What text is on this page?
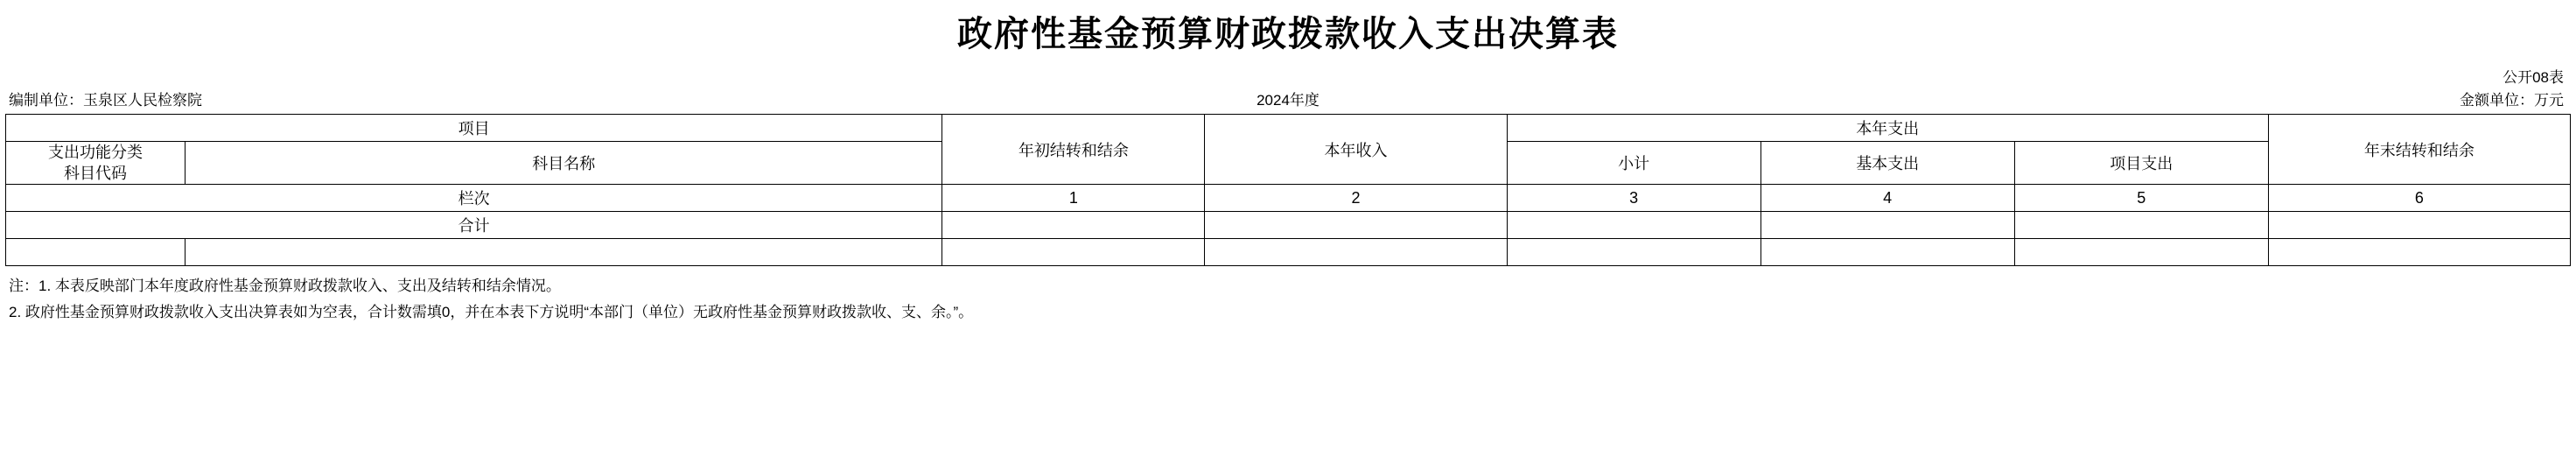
政府性基金预算财政拨款收入支出决算表
公开08表
编制单位：玉泉区人民检察院	2024年度	金额单位：万元
项目		年初结转和结余	本年收入	本年支出			年末结转和结余

支出功能分类
科目代码	科目名称			小计	基本支出	项目支出	
栏次		1	2	3	4	5	6
合计							

注：1. 本表反映部门本年度政府性基金预算财政拨款收入、支出及结转和结余情况。
2. 政府性基金预算财政拨款收入支出决算表如为空表，合计数需填0，并在本表下方说明“本部门（单位）无政府性基金预算财政拨款收、支、余。”。
